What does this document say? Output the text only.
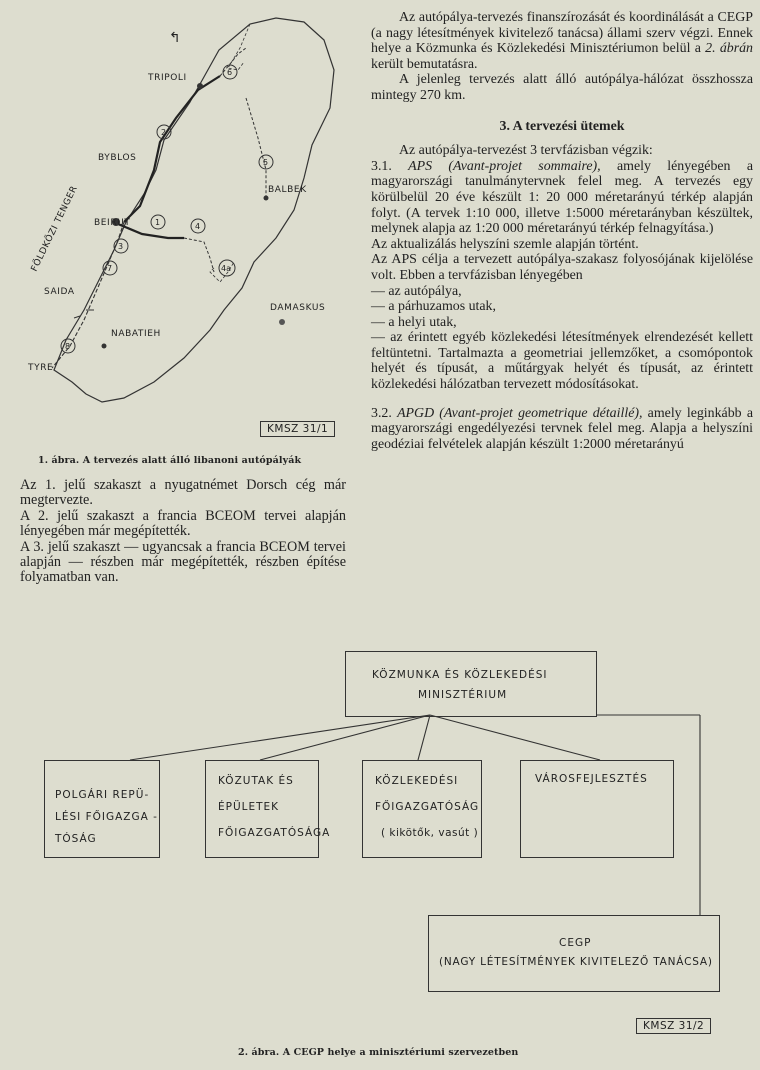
↰
TRIPOLI
BYBLOS
BEIRUT
BALBEK
SAIDA
NABATIEH
TYRE
DAMASKUS
FÖLDKÖZI TENGER
6
2
5
1	4
3
4a
7
8
KMSZ 31/1
1. ábra. A tervezés alatt álló libanoni autópályák

Az 1. jelű szakaszt a nyugatnémet Dorsch cég már megtervezte.

A 2. jelű szakaszt a francia BCEOM tervei alapján lényegében már megépítették.

A 3. jelű szakaszt — ugyancsak a francia BCEOM tervei alapján — részben már megépítették, részben építése folyamatban van.

Az autópálya-tervezés finanszírozását és koordinálását a CEGP (a nagy létesítmények kivitelező tanácsa) állami szerv végzi. Ennek helye a Közmunka és Közlekedési Minisztériumon belül a 2. ábrán került bemutatásra.

A jelenleg tervezés alatt álló autópálya-hálózat összhossza mintegy 270 km.

3. A tervezési ütemek

Az autópálya-tervezést 3 tervfázisban végzik:

3.1. APS (Avant-projet sommaire), amely lényegében a magyarországi tanulmánytervnek felel meg. A tervezés egy körülbelül 20 éve készült 1: 20 000 méretarányú térkép alapján folyt. (A tervek 1:10 000, illetve 1:5000 méretarányban készültek, melynek alapja az 1:20 000 méretarányú térkép felnagyítása.)

Az aktualizálás helyszíni szemle alapján történt.

Az APS célja a tervezett autópálya-szakasz folyosójának kijelölése volt. Ebben a tervfázisban lényegében

— az autópálya,

— a párhuzamos utak,

— a helyi utak,

— az érintett egyéb közlekedési létesítmények elrendezését kellett feltüntetni. Tartalmazta a geometriai jellemzőket, a csomópontok helyét és típusát, a műtárgyak helyét és típusát, az érintett közlekedési hálózatban tervezett módosításokat.

3.2. APGD (Avant-projet geometrique détaillé), amely leginkább a magyarországi engedélyezési tervnek felel meg. Alapja a helyszíni geodéziai felvételek alapján készült 1:2000 méretarányú

KÖZMUNKA ÉS KÖZLEKEDÉSI
MINISZTÉRIUM
POLGÁRI REPÜ-
LÉSI FŐIGAZGA -
TÓSÁG
KÖZUTAK ÉS
ÉPÜLETEK
FŐIGAZGATÓSÁGA
KÖZLEKEDÉSI
FŐIGAZGATÓSÁG
( kikötők, vasút )
VÁROSFEJLESZTÉS
CEGP
(NAGY LÉTESÍTMÉNYEK KIVITELEZŐ TANÁCSA)
KMSZ 31/2
2. ábra. A CEGP helye a minisztériumi szervezetben
